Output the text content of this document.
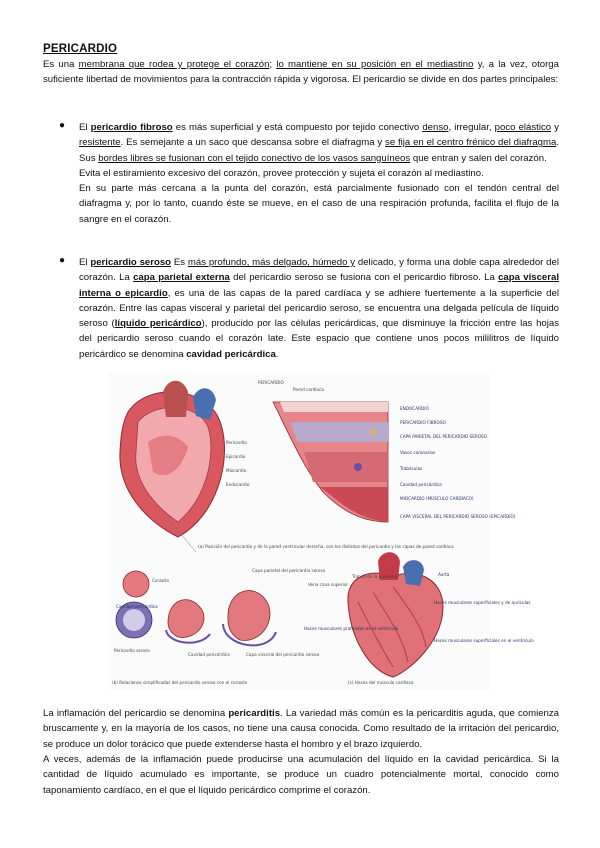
PERICARDIO

Es una membrana que rodea y protege el corazón; lo mantiene en su posición en el mediastino y, a la vez, otorga suficiente libertad de movimientos para la contracción rápida y vigorosa. El pericardio se divide en dos partes principales:

● El pericardio fibroso es más superficial y está compuesto por tejido conectivo denso, irregular, poco elástico y resistente. Es semejante a un saco que descansa sobre el diafragma y se fija en el centro frénico del diafragma. Sus bordes libres se fusionan con el tejido conectivo de los vasos sanguíneos que entran y salen del corazón.
Evita el estiramiento excesivo del corazón, provee protección y sujeta el corazón al mediastino.
En su parte más cercana a la punta del corazón, está parcialmente fusionado con el tendón central del diafragma y, por lo tanto, cuando éste se mueve, en el caso de una respiración profunda, facilita el flujo de la sangre en el corazón.
● El pericardio seroso Es más profundo, más delgado, húmedo y delicado, y forma una doble capa alrededor del corazón. La capa parietal externa del pericardio seroso se fusiona con el pericardio fibroso. La capa visceral interna o epicardio, es una de las capas de la pared cardíaca y se adhiere fuertemente a la superficie del corazón. Entre las capas visceral y parietal del pericardio seroso, se encuentra una delgada película de líquido seroso (líquido pericárdico), producido por las células pericárdicas, que disminuye la fricción entre las hojas del pericardio seroso cuando el corazón late. Este espacio que contiene unos pocos mililitros de líquido pericárdico se denomina cavidad pericárdica.
PERICARDIO
Pared cardíaca
Pericardio
Epicardio
Miocardio
Endocardio
ENDOCARDIO
PERICARDIO FIBROSO
CAPA PARIETAL DEL PERICARDIO SEROSO
Vasos coronarios
Trabéculas
Cavidad pericárdica
MIOCARDIO (MÚSCULO CARDÍACO)
CAPA VISCERAL DEL PERICARDIO SEROSO (EPICARDIO)
(a) Posición del pericardio y de la pared ventricular derecha, con los distintos del pericardio y las capas de pared cardíaca
Corazón
Cavidad pericárdica
Pericardio seroso
Capa parietal del pericardio seroso
Cavidad pericárdica	Capa visceral del pericardio seroso
Aorta
Vena cava superior
Tronco de la pulmonar
Haces musculares superficiales y de auriculas
Haces musculares profundos en el ventrículo
Haces musculares superficiales en el ventrículo
(b) Relaciones simplificadas del pericardio seroso con el corazón	(c) Haces del músculo cardíaco

La inflamación del pericardio se denomina pericarditis. La variedad más común es la pericarditis aguda, que comienza bruscamente y, en la mayoría de los casos, no tiene una causa conocida. Como resultado de la irritación del pericardio, se produce un dolor torácico que puede extenderse hasta el hombro y el brazo izquierdo.

A veces, además de la inflamación puede producirse una acumulación del líquido en la cavidad pericárdica. Si la cantidad de líquido acumulado es importante, se produce un cuadro potencialmente mortal, conocido como taponamiento cardíaco, en el que el líquido pericárdico comprime el corazón.
